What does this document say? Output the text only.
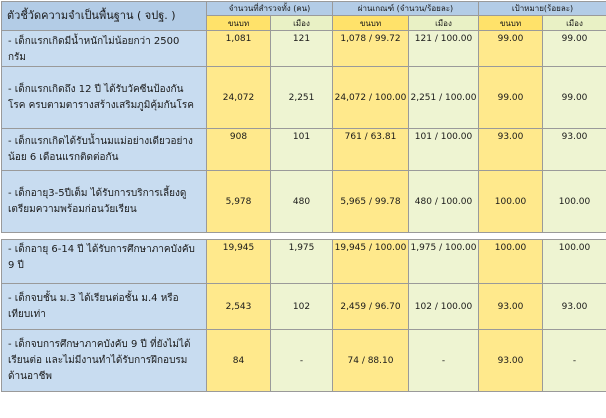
ตัวชี้วัดความจำเป็นพื้นฐาน ( จปฐ. )	จำนวนที่สำรวจทั้ง (คน)		ผ่านเกณฑ์ (จำนวน/ร้อยละ)		เป้าหมาย(ร้อยละ)	
	ขนบท	เมือง	ขนบท	เมือง	ขนบท	เมือง
- เด็กแรกเกิดมีน้ำหนักไม่น้อยกว่า 2500 กรัม	1,081	121	1,078 / 99.72	121 / 100.00	99.00	99.00
- เด็กแรกเกิดถึง 12 ปี ได้รับวัคซีนป้องกันโรค ครบตามตารางสร้างเสริมภูมิคุ้มกันโรค	24,072	2,251	24,072 / 100.00	2,251 / 100.00	99.00	99.00
- เด็กแรกเกิดได้รับน้ำนมแม่อย่างเดียวอย่างน้อย 6 เดือนแรกติดต่อกัน	908	101	761 / 63.81	101 / 100.00	93.00	93.00
- เด็กอายุ3-5ปีเต็ม ได้รับการบริการเลี้ยงดูเตรียมความพร้อมก่อนวัยเรียน	5,978	480	5,965 / 99.78	480 / 100.00	100.00	100.00

- เด็กอายุ 6-14 ปี ได้รับการศึกษาภาคบังคับ 9 ปี	19,945	1,975	19,945 / 100.00	1,975 / 100.00	100.00	100.00
- เด็กจบชั้น ม.3 ได้เรียนต่อชั้น ม.4 หรือเทียบเท่า	2,543	102	2,459 / 96.70	102 / 100.00	93.00	93.00
- เด็กจบการศึกษาภาคบังคับ 9 ปี ที่ยังไม่ได้เรียนต่อ และไม่มีงานทำได้รับการฝึกอบรมด้านอาชีพ	84	-	74 / 88.10	-	93.00	-
